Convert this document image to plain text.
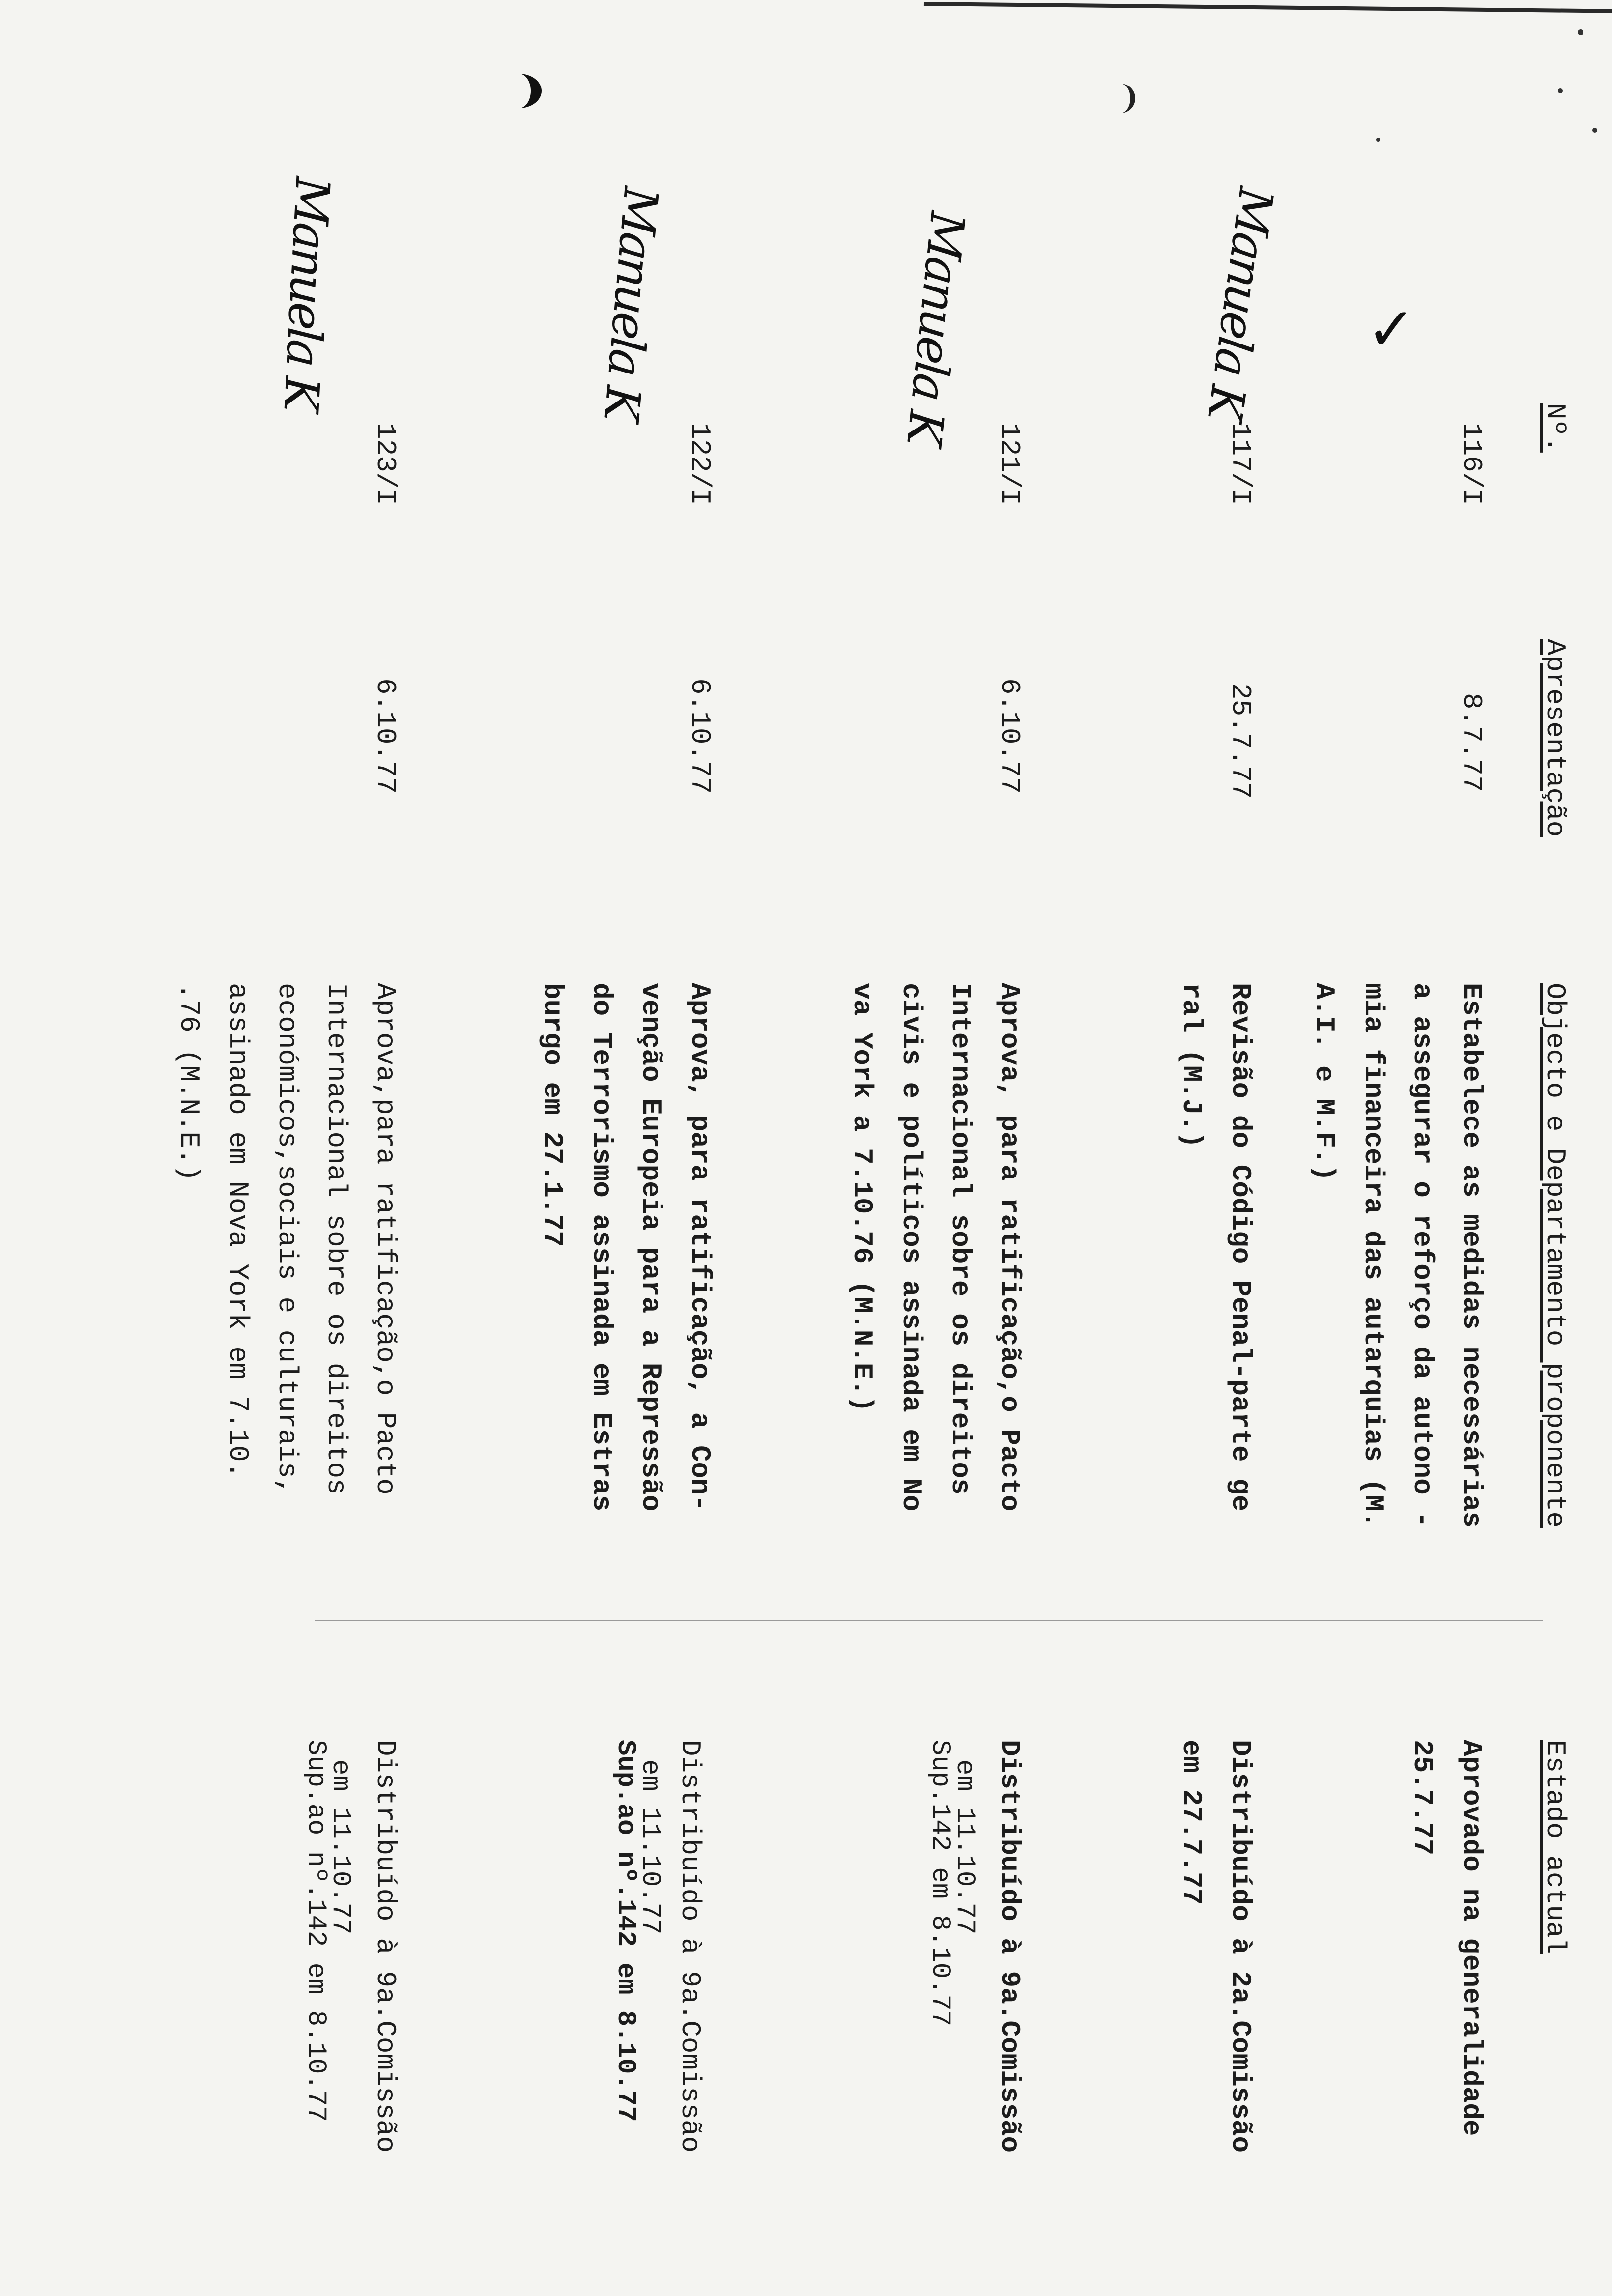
Nº.
Apresentação
Objecto e Departamento proponente
Estado actual
✓
116/I
8.7.77
Estabelece as medidas necessárias
a assegurar o reforço da autono -
mia financeira das autarquias (M.
A.I. e M.F.)
Aprovado na generalidade
25.7.77
Manuela K
117/I
25.7.77
Revisão do Código Penal-parte ge
ral (M.J.)
Distribuído à 2a.Comissão
em 27.7.77
Manuela K
121/I
6.10.77
Aprova, para ratificação,o Pacto
Internacional sobre os direitos
civis e políticos assinada em No
va York a 7.10.76 (M.N.E.)
Distribuído à 9a.Comissão
em 11.10.77
Sup.142 em 8.10.77
Manuela K
122/I
6.10.77
Aprova, para ratificação, a Con-
venção Europeia para a Repressão
do Terrorismo assinada em Estras
burgo em 27.1.77
Distribuído à 9a.Comissão
em 11.10.77
Sup.ao nº.142 em 8.10.77
Manuela K
123/I
6.10.77
Aprova,para ratificação,o Pacto
Internacional sobre os direitos
económicos,sociais e culturais,
assinado em Nova York em 7.10.
.76 (M.N.E.)
Distribuído à 9a.Comissão
em 11.10.77
Sup.ao nº.142 em 8.10.77
